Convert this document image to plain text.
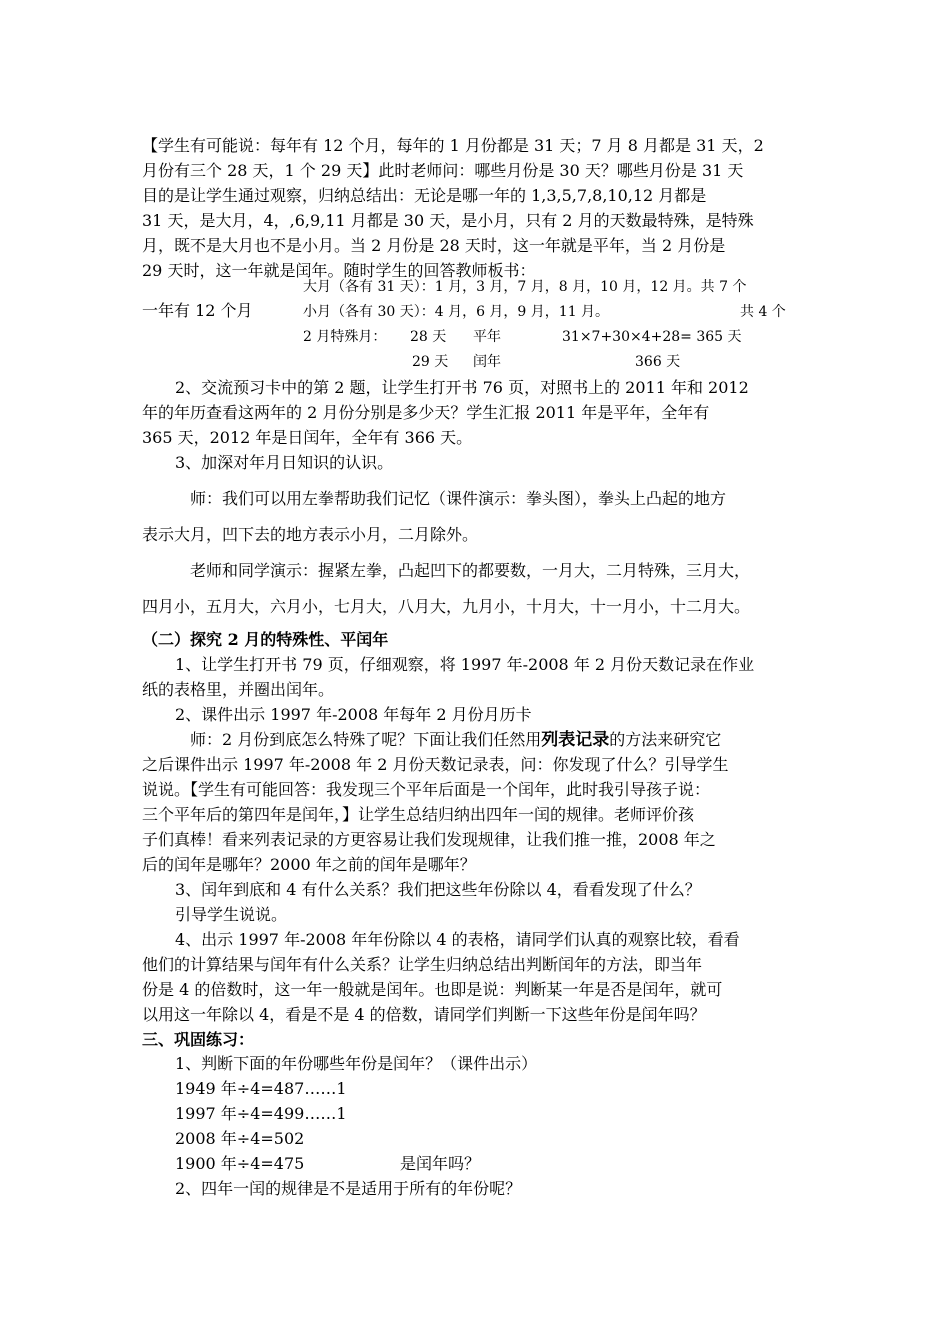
【学生有可能说：每年有 12 个月，每年的 1 月份都是 31 天；7 月 8 月都是 31 天，2
月份有三个 28 天，1 个 29 天】此时老师问：哪些月份是 30 天？哪些月份是 31 天
目的是让学生通过观察，归纳总结出：无论是哪一年的 1,3,5,7,8,10,12 月都是
31 天，是大月，4，,6,9,11 月都是 30 天，是小月，只有 2 月的天数最特殊，是特殊
月，既不是大月也不是小月。当 2 月份是 28 天时，这一年就是平年，当 2 月份是
29 天时，这一年就是闰年。随时学生的回答教师板书：
一年有 12 个月
大月（各有 31 天）：1 月，3 月，7 月，8 月，10 月，12 月。共 7 个
小月（各有 30 天）：4 月，6 月，9 月，11 月。	共 4 个
2 月特殊月： 28 天 平年	31×7+30×4+28= 365 天
29 天 闰年	366 天
2、交流预习卡中的第 2 题，让学生打开书 76 页，对照书上的 2011 年和 2012
年的年历查看这两年的 2 月份分别是多少天？学生汇报 2011 年是平年，全年有
365 天，2012 年是日闰年，全年有 366 天。
3、加深对年月日知识的认识。
师：我们可以用左拳帮助我们记忆（课件演示：拳头图），拳头上凸起的地方
表示大月，凹下去的地方表示小月，二月除外。
老师和同学演示：握紧左拳，凸起凹下的都要数，一月大，二月特殊，三月大，
四月小，五月大，六月小，七月大，八月大，九月小，十月大，十一月小，十二月大。
（二）探究 2 月的特殊性、平闰年
1、让学生打开书 79 页，仔细观察，将 1997 年-2008 年 2 月份天数记录在作业
纸的表格里，并圈出闰年。
2、课件出示 1997 年-2008 年每年 2 月份月历卡
师：2 月份到底怎么特殊了呢？下面让我们任然用列表记录的方法来研究它
之后课件出示 1997 年-2008 年 2 月份天数记录表，问：你发现了什么？引导学生
说说。【学生有可能回答：我发现三个平年后面是一个闰年，此时我引导孩子说：
三个平年后的第四年是闰年，】让学生总结归纳出四年一闰的规律。老师评价孩
子们真棒！看来列表记录的方更容易让我们发现规律，让我们推一推，2008 年之
后的闰年是哪年？2000 年之前的闰年是哪年？
3、闰年到底和 4 有什么关系？我们把这些年份除以 4，看看发现了什么？
引导学生说说。
4、出示 1997 年-2008 年年份除以 4 的表格，请同学们认真的观察比较，看看
他们的计算结果与闰年有什么关系？让学生归纳总结出判断闰年的方法，即当年
份是 4 的倍数时，这一年一般就是闰年。也即是说：判断某一年是否是闰年，就可
以用这一年除以 4，看是不是 4 的倍数，请同学们判断一下这些年份是闰年吗？
三、巩固练习：
1、判断下面的年份哪些年份是闰年？（课件出示）
1949 年÷4=487……1
1997 年÷4=499……1
2008 年÷4=502
1900 年÷4=475	是闰年吗？
2、四年一闰的规律是不是适用于所有的年份呢？
